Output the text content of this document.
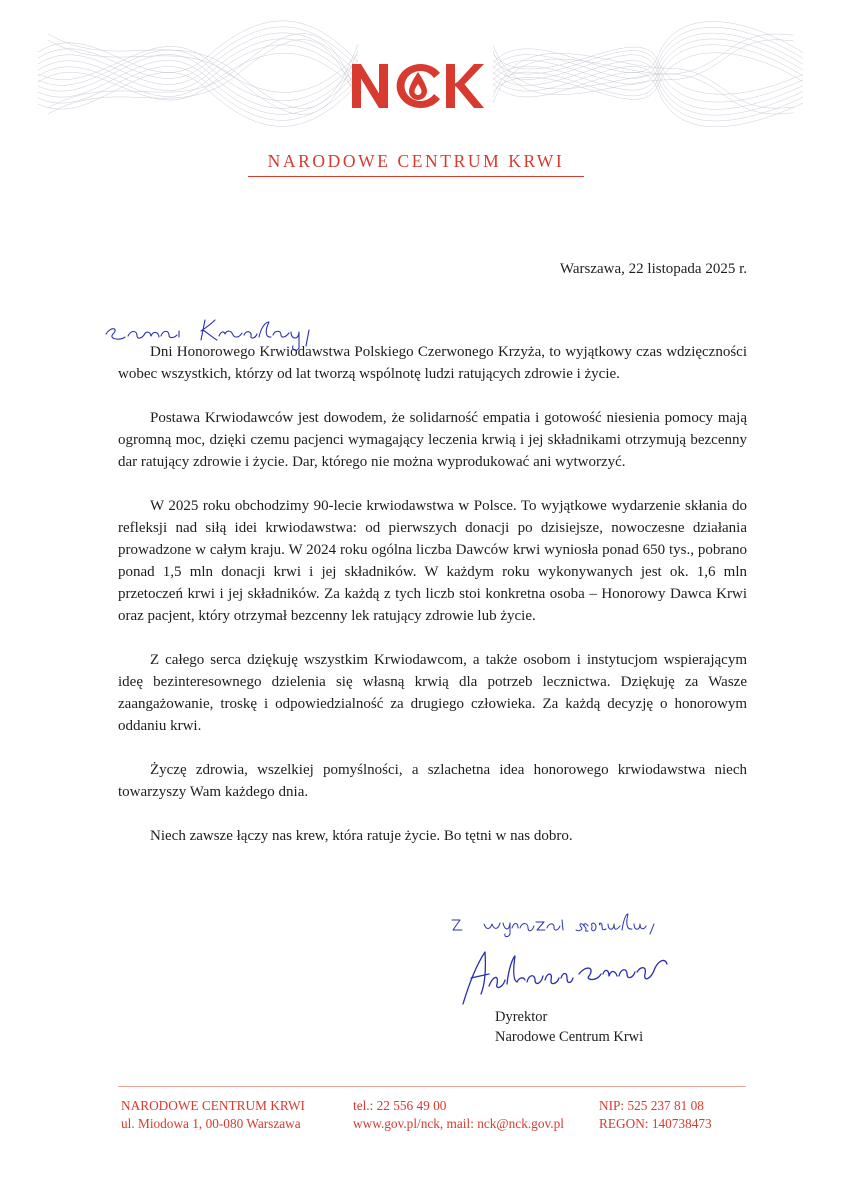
NARODOWE CENTRUM KRWI
Warszawa, 22 listopada 2025 r.

Dni Honorowego Krwiodawstwa Polskiego Czerwonego Krzyża, to wyjątkowy czas wdzięczności wobec wszystkich, którzy od lat tworzą wspólnotę ludzi ratujących zdrowie i życie.

Postawa Krwiodawców jest dowodem, że solidarność empatia i gotowość niesienia pomocy mają ogromną moc, dzięki czemu pacjenci wymagający leczenia krwią i jej składnikami otrzymują bezcenny dar ratujący zdrowie i życie. Dar, którego nie można wyprodukować ani wytworzyć.

W 2025 roku obchodzimy 90-lecie krwiodawstwa w Polsce. To wyjątkowe wydarzenie skłania do refleksji nad siłą idei krwiodawstwa: od pierwszych donacji po dzisiejsze, nowoczesne działania prowadzone w całym kraju. W 2024 roku ogólna liczba Dawców krwi wyniosła ponad 650 tys., pobrano ponad 1,5 mln donacji krwi i jej składników. W każdym roku wykonywanych jest ok. 1,6 mln przetoczeń krwi i jej składników. Za każdą z tych liczb stoi konkretna osoba – Honorowy Dawca Krwi oraz pacjent, który otrzymał bezcenny lek ratujący zdrowie lub życie.

Z całego serca dziękuję wszystkim Krwiodawcom, a także osobom i instytucjom wspierającym ideę bezinteresownego dzielenia się własną krwią dla potrzeb lecznictwa. Dziękuję za Wasze zaangażowanie, troskę i odpowiedzialność za drugiego człowieka. Za każdą decyzję o honorowym oddaniu krwi.

Życzę zdrowia, wszelkiej pomyślności, a szlachetna idea honorowego krwiodawstwa niech towarzyszy Wam każdego dnia.

Niech zawsze łączy nas krew, która ratuje życie. Bo tętni w nas dobro.

Dyrektor
Narodowe Centrum Krwi
NARODOWE CENTRUM KRWI
ul. Miodowa 1, 00-080 Warszawa
tel.: 22 556 49 00
www.gov.pl/nck, mail: nck@nck.gov.pl
NIP: 525 237 81 08
REGON: 140738473
